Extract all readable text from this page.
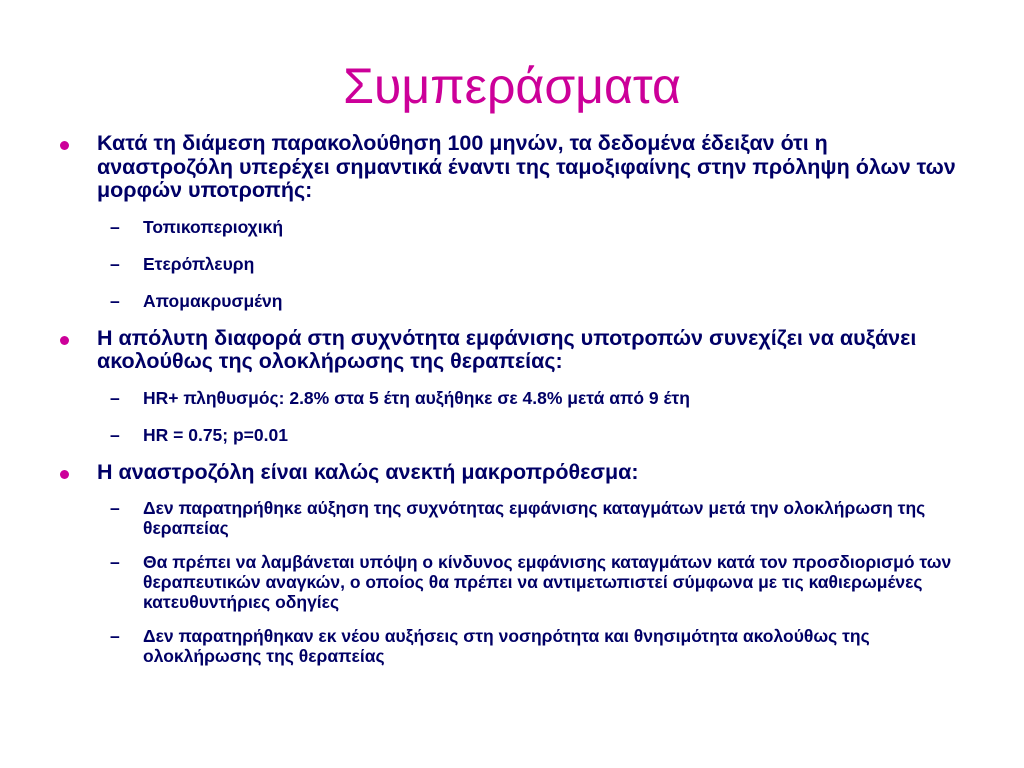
Συμπεράσματα
Κατά τη διάμεση παρακολούθηση 100 μηνών, τα δεδομένα έδειξαν ότι η αναστροζόλη υπερέχει σημαντικά έναντι της ταμοξιφαίνης στην πρόληψη όλων των μορφών υποτροπής:
– Τοπικοπεριοχική
– Ετερόπλευρη
– Απομακρυσμένη
Η απόλυτη διαφορά στη συχνότητα εμφάνισης υποτροπών συνεχίζει να αυξάνει ακολούθως της ολοκλήρωσης της θεραπείας:
– HR+ πληθυσμός: 2.8% στα 5 έτη αυξήθηκε σε 4.8% μετά από 9 έτη
– HR = 0.75; p=0.01
Η αναστροζόλη είναι καλώς ανεκτή μακροπρόθεσμα:
– Δεν παρατηρήθηκε αύξηση της συχνότητας εμφάνισης καταγμάτων μετά την ολοκλήρωση της θεραπείας
– Θα πρέπει να λαμβάνεται υπόψη ο κίνδυνος εμφάνισης καταγμάτων κατά τον προσδιορισμό των θεραπευτικών αναγκών, ο οποίος θα πρέπει να αντιμετωπιστεί σύμφωνα με τις καθιερωμένες κατευθυντήριες οδηγίες
– Δεν παρατηρήθηκαν εκ νέου αυξήσεις στη νοσηρότητα και θνησιμότητα ακολούθως της ολοκλήρωσης της θεραπείας
